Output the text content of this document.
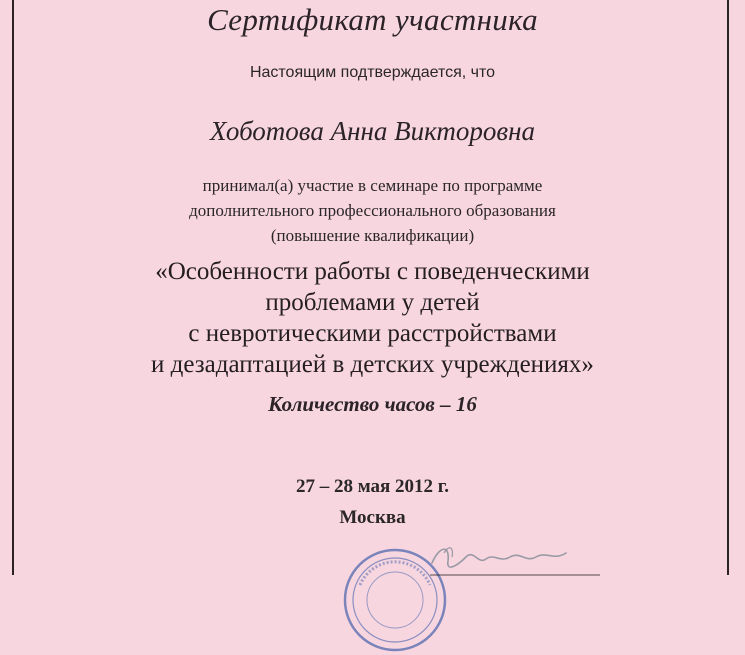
Сертификат участника
Настоящим подтверждается, что
Хоботова Анна Викторовна
принимал(а) участие в семинаре по программе
дополнительного профессионального образования
(повышение квалификации)
«Особенности работы с поведенческими
проблемами у детей
с невротическими расстройствами
и дезадаптацией в детских учреждениях»
Количество часов – 16
27 – 28 мая 2012 г.
Москва
